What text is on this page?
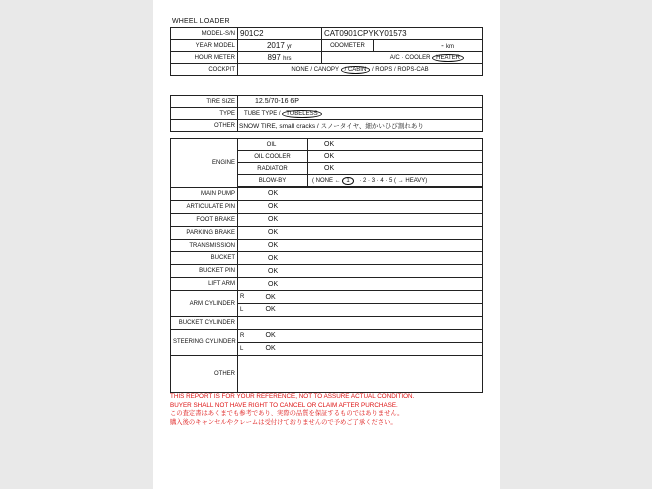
WHEEL LOADER
MODEL-S/N	901C2	CAT0901CPYKY01573	
YEAR MODEL	2017 yr	ODOMETER	- km
HOUR METER	897 hrs	A/C · COOLER HEATER	
COCKPIT	NONE / CANOPY / CABIN / ROPS / ROPS-CAB		
TIRE SIZE	12.5/70-16 6P
TYPE	TUBE TYPE / TUBELESS
OTHER	SNOW TIRE, small cracks / スノータイヤ、細かいひび割れあり
ENGINE	OIL		OK
	OIL COOLER		OK
	RADIATOR		OK
	BLOW-BY		( NONE ← 1 · 2 · 3 · 4 · 5 ( → HEAVY)

MAIN PUMP	OK		
ARTICULATE PIN	OK		
FOOT BRAKE	OK		
PARKING BRAKE	OK		
TRANSMISSION	OK		
BUCKET	OK		
BUCKET PIN	OK		
LIFT ARM	OK		
ARM CYLINDER	R	OK	
	L	OK	
BUCKET CYLINDER			
STEERING CYLINDER	R	OK	
	L	OK	
OTHER			
THIS REPORT IS FOR YOUR REFERENCE, NOT TO ASSURE ACTUAL CONDITION.
BUYER SHALL NOT HAVE RIGHT TO CANCEL OR CLAIM AFTER PURCHASE.
この査定書はあくまでも参考であり、実際の品質を保証するものではありません。
購入後のキャンセルやクレームは受付けておりませんので予めご了承ください。
